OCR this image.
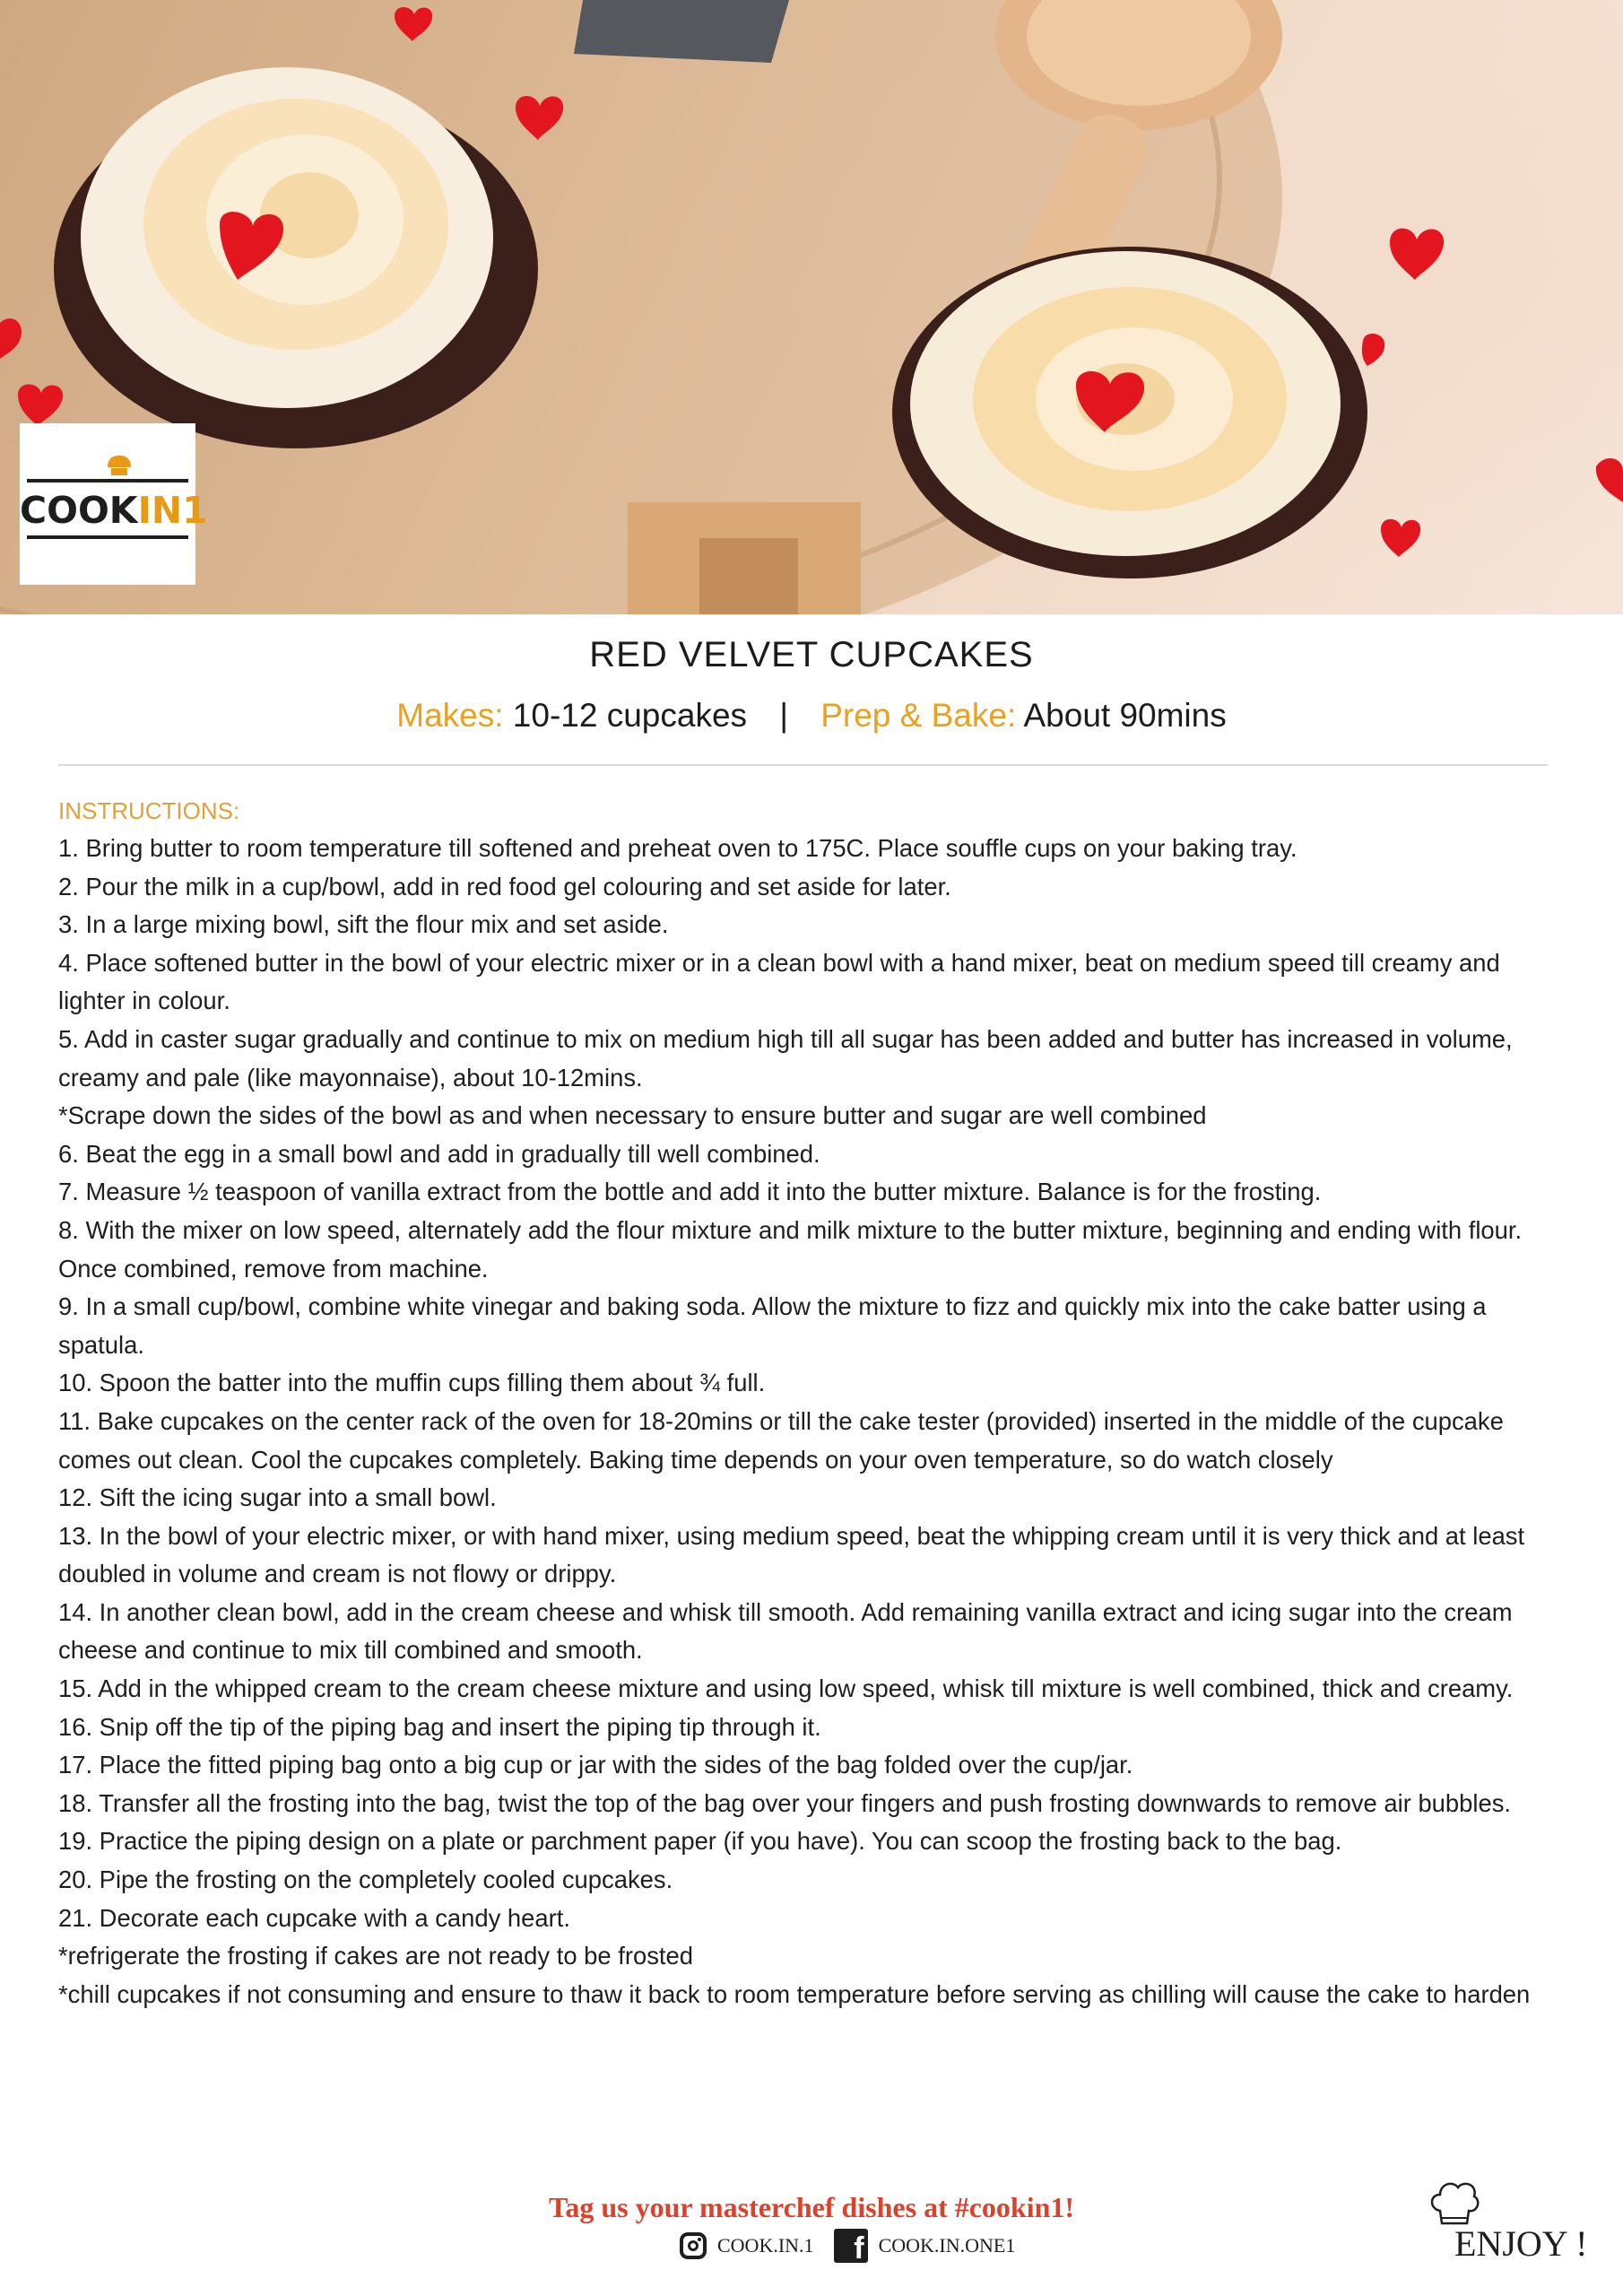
COOKIN1
RED VELVET CUPCAKES
Makes: 10-12 cupcakes | Prep & Bake: About 90mins
INSTRUCTIONS:
1. Bring butter to room temperature till softened and preheat oven to 175C. Place souffle cups on your baking tray.
2. Pour the milk in a cup/bowl, add in red food gel colouring and set aside for later.
3. In a large mixing bowl, sift the flour mix and set aside.
4. Place softened butter in the bowl of your electric mixer or in a clean bowl with a hand mixer, beat on medium speed till creamy and lighter in colour.
5. Add in caster sugar gradually and continue to mix on medium high till all sugar has been added and butter has increased in volume, creamy and pale (like mayonnaise), about 10-12mins.
*Scrape down the sides of the bowl as and when necessary to ensure butter and sugar are well combined
6. Beat the egg in a small bowl and add in gradually till well combined.
7. Measure ½ teaspoon of vanilla extract from the bottle and add it into the butter mixture. Balance is for the frosting.
8. With the mixer on low speed, alternately add the flour mixture and milk mixture to the butter mixture, beginning and ending with flour. Once combined, remove from machine.
9. In a small cup/bowl, combine white vinegar and baking soda. Allow the mixture to fizz and quickly mix into the cake batter using a spatula.
10. Spoon the batter into the muffin cups filling them about ¾ full.
11. Bake cupcakes on the center rack of the oven for 18-20mins or till the cake tester (provided) inserted in the middle of the cupcake comes out clean. Cool the cupcakes completely. Baking time depends on your oven temperature, so do watch closely
12. Sift the icing sugar into a small bowl.
13. In the bowl of your electric mixer, or with hand mixer, using medium speed, beat the whipping cream until it is very thick and at least doubled in volume and cream is not flowy or drippy.
14. In another clean bowl, add in the cream cheese and whisk till smooth. Add remaining vanilla extract and icing sugar into the cream cheese and continue to mix till combined and smooth.
15. Add in the whipped cream to the cream cheese mixture and using low speed, whisk till mixture is well combined, thick and creamy.
16. Snip off the tip of the piping bag and insert the piping tip through it.
17. Place the fitted piping bag onto a big cup or jar with the sides of the bag folded over the cup/jar.
18. Transfer all the frosting into the bag, twist the top of the bag over your fingers and push frosting downwards to remove air bubbles.
19. Practice the piping design on a plate or parchment paper (if you have). You can scoop the frosting back to the bag.
20. Pipe the frosting on the completely cooled cupcakes.
21. Decorate each cupcake with a candy heart.
*refrigerate the frosting if cakes are not ready to be frosted
*chill cupcakes if not consuming and ensure to thaw it back to room temperature before serving as chilling will cause the cake to harden
Tag us your masterchef dishes at #cookin1!
COOK.IN.1	f COOK.IN.ONE1	ENJOY !
